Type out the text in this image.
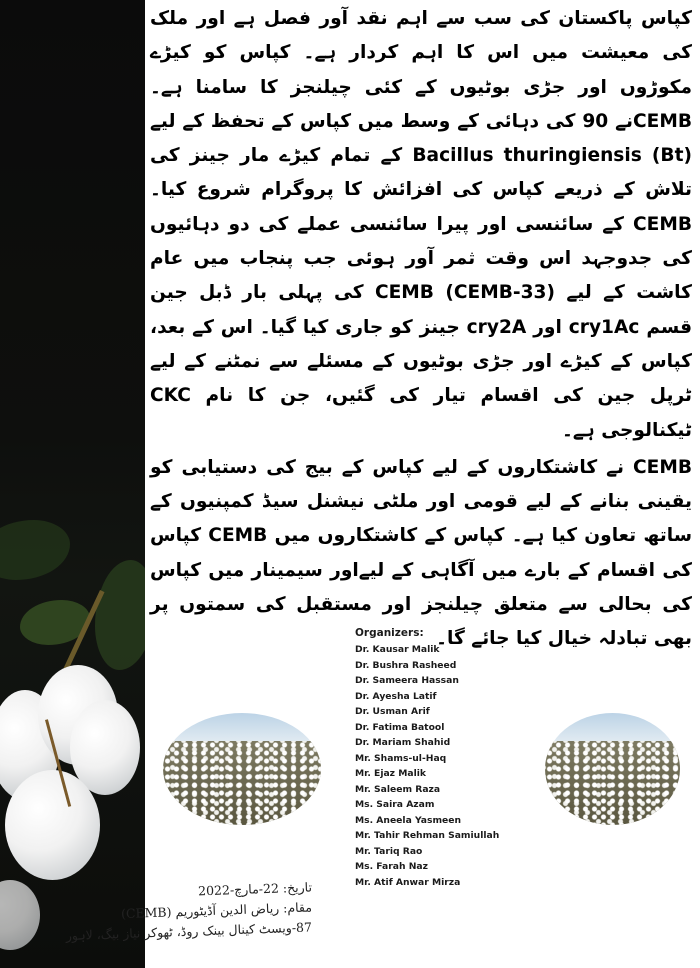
کپاس پاکستان کی سب سے اہم نقد آور فصل ہے اور ملک کی معیشت میں اس کا اہم کردار ہے۔ کپاس کو کیڑے مکوڑوں اور جڑی بوٹیوں کے کئی چیلنجز کا سامنا ہے۔CEMBنے 90 کی دہائی کے وسط میں کپاس کے تحفظ کے لیے Bacillus thuringiensis (Bt) کے تمام کیڑے مار جینز کی تلاش کے ذریعے کپاس کی افزائش کا پروگرام شروع کیا۔ CEMB کے سائنسی اور پیرا سائنسی عملے کی دو دہائیوں کی جدوجہد اس وقت ثمر آور ہوئی جب پنجاب میں عام کاشت کے لیے (CEMB-33) CEMB کی پہلی بار ڈبل جین قسم cry1Ac اور cry2A جینز کو جاری کیا گیا۔ اس کے بعد، کپاس کے کیڑے اور جڑی بوٹیوں کے مسئلے سے نمٹنے کے لیے ٹرپل جین کی اقسام تیار کی گئیں، جن کا نام CKC ٹیکنالوجی ہے۔

CEMB نے کاشتکاروں کے لیے کپاس کے بیج کی دستیابی کو یقینی بنانے کے لیے قومی اور ملٹی نیشنل سیڈ کمپنیوں کے ساتھ تعاون کیا ہے۔ کپاس کے کاشتکاروں میں CEMB کپاس کی اقسام کے بارے میں آگاہی کے لیےاور سیمینار میں کپاس کی بحالی سے متعلق چیلنجز اور مستقبل کی سمتوں پر بھی تبادلہ خیال کیا جائے گا۔

Organizers:
Dr. Kausar Malik
Dr. Bushra Rasheed
Dr. Sameera Hassan
Dr. Ayesha Latif
Dr. Usman Arif
Dr. Fatima Batool
Dr. Mariam Shahid
Mr. Shams-ul-Haq
Mr. Ejaz Malik
Mr. Saleem Raza
Ms. Saira Azam
Ms. Aneela Yasmeen
Mr. Tahir Rehman Samiullah
Mr. Tariq Rao
Ms. Farah Naz
Mr. Atif Anwar Mirza
تاریخ: 22-مارچ-2022
مقام: ریاض الدین آڈیٹوریم (CEMB)
87-ویسٹ کینال بینک روڈ، ٹھوکر نیاز بیگ، لاہور
